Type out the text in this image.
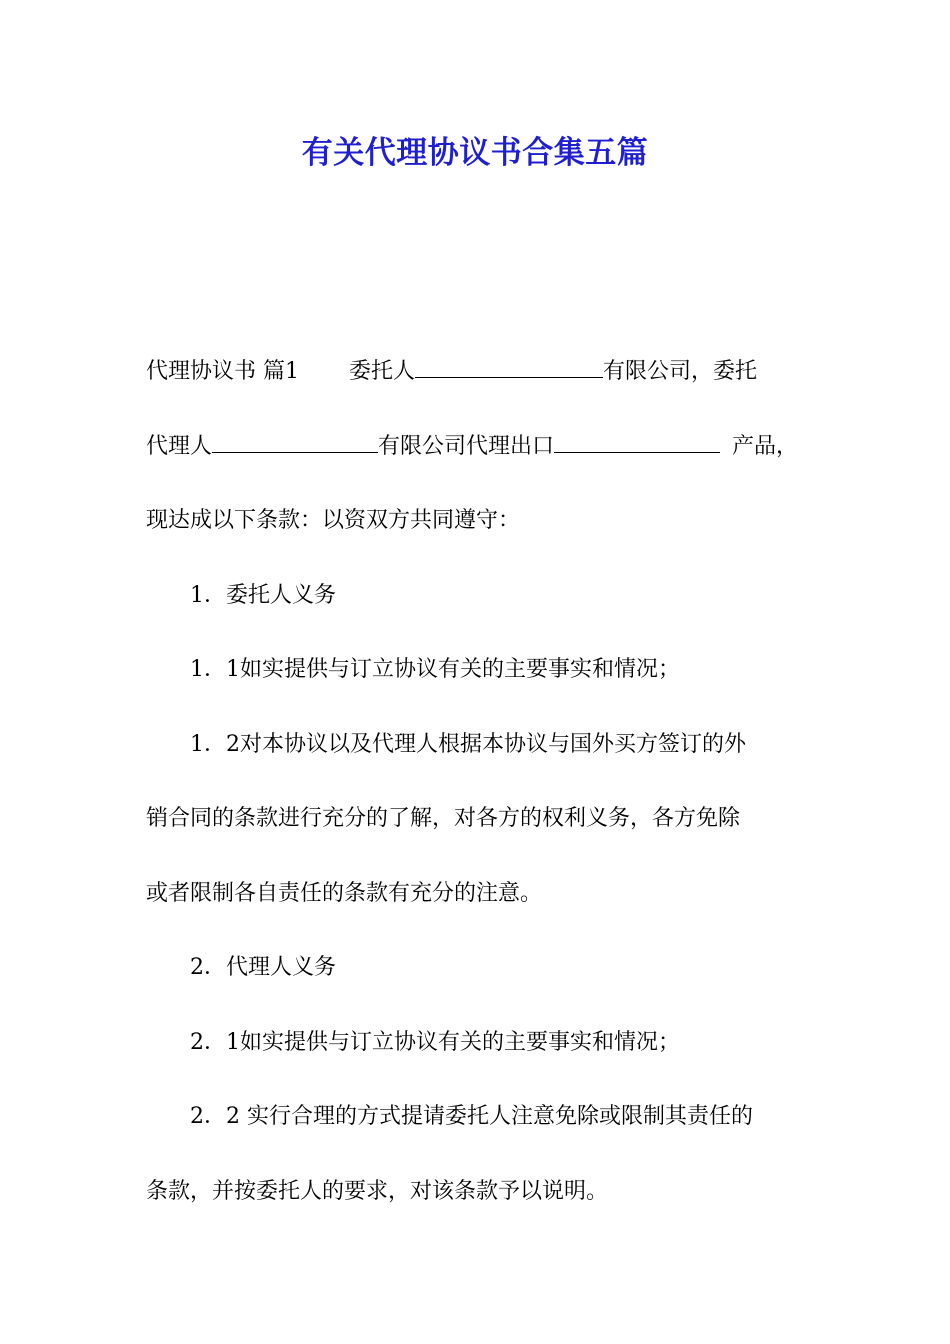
有关代理协议书合集五篇
代理协议书 篇1 委托人	有限公司，委托
代理人	有限公司代理出口	产品，
现达成以下条款：以资双方共同遵守：
1．委托人义务
1．1如实提供与订立协议有关的主要事实和情况；
1．2对本协议以及代理人根据本协议与国外买方签订的外
销合同的条款进行充分的了解，对各方的权利义务，各方免除
或者限制各自责任的条款有充分的注意。
2．代理人义务
2．1如实提供与订立协议有关的主要事实和情况；
2．2 实行合理的方式提请委托人注意免除或限制其责任的
条款，并按委托人的要求，对该条款予以说明。
